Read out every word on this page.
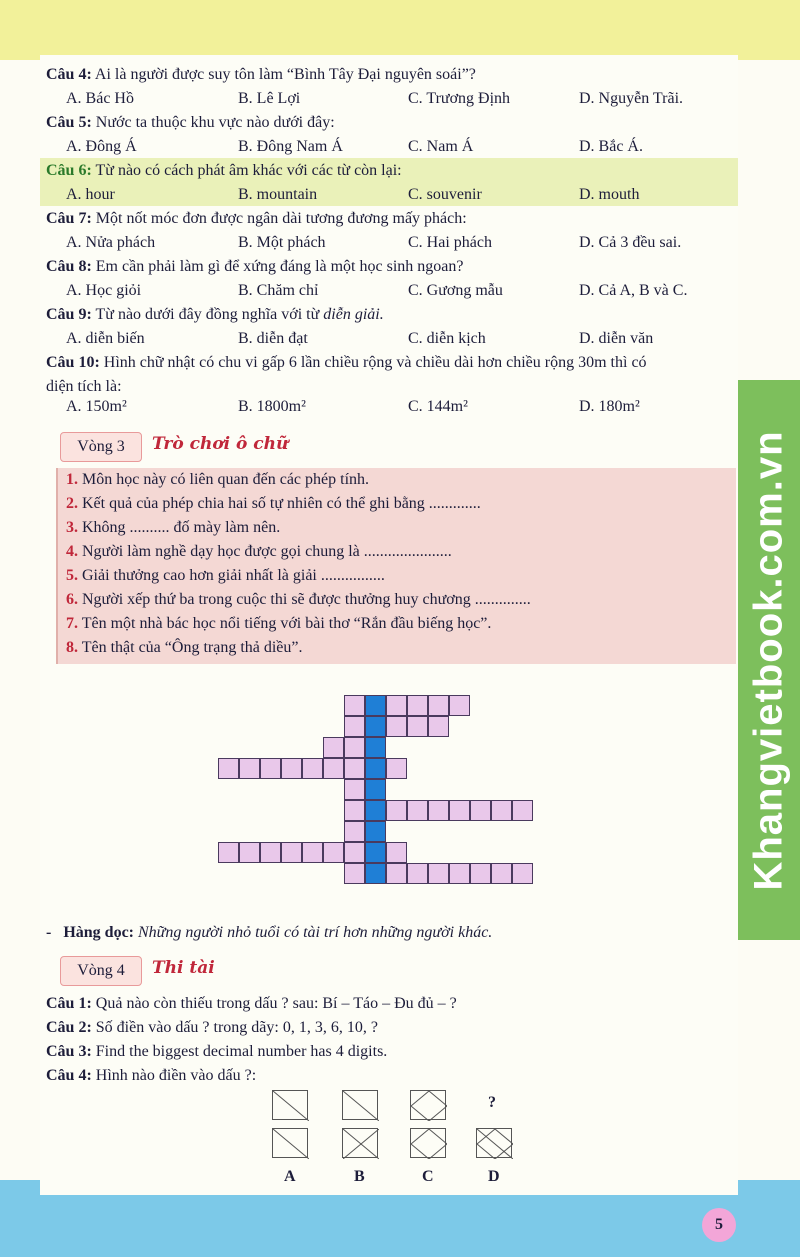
Khangvietbook.com.vn
Câu 4: Ai là người được suy tôn làm “Bình Tây Đại nguyên soái”?
A. Bác Hồ	B. Lê Lợi	C. Trương Định	D. Nguyễn Trãi.
Câu 5: Nước ta thuộc khu vực nào dưới đây:
A. Đông Á	B. Đông Nam Á	C. Nam Á	D. Bắc Á.
Câu 6: Từ nào có cách phát âm khác với các từ còn lại:
A. hour	B. mountain	C. souvenir	D. mouth
Câu 7: Một nốt móc đơn được ngân dài tương đương mấy phách:
A. Nửa phách	B. Một phách	C. Hai phách	D. Cả 3 đều sai.
Câu 8: Em cần phải làm gì để xứng đáng là một học sinh ngoan?
A. Học giỏi	B. Chăm chỉ	C. Gương mẫu	D. Cả A, B và C.
Câu 9: Từ nào dưới đây đồng nghĩa với từ diễn giải.
A. diễn biến	B. diễn đạt	C. diễn kịch	D. diễn văn
Câu 10: Hình chữ nhật có chu vi gấp 6 lần chiều rộng và chiều dài hơn chiều rộng 30m thì có
diện tích là:
A. 150m²	B. 1800m²	C. 144m²	D. 180m²
Vòng 3	Trò chơi ô chữ
1. Môn học này có liên quan đến các phép tính.
2. Kết quả của phép chia hai số tự nhiên có thể ghi bằng .............
3. Không .......... đố mày làm nên.
4. Người làm nghề dạy học được gọi chung là ......................
5. Giải thưởng cao hơn giải nhất là giải ................
6. Người xếp thứ ba trong cuộc thi sẽ được thưởng huy chương ..............
7. Tên một nhà bác học nổi tiếng với bài thơ “Rắn đầu biếng học”.
8. Tên thật của “Ông trạng thả diều”.
-   Hàng dọc: Những người nhỏ tuổi có tài trí hơn những người khác.
Vòng 4	Thi tài
Câu 1: Quả nào còn thiếu trong dấu ? sau: Bí – Táo – Đu đủ – ?
Câu 2: Số điền vào dấu ? trong dãy: 0, 1, 3, 6, 10, ?
Câu 3: Find the biggest decimal number has 4 digits.
Câu 4: Hình nào điền vào dấu ?:
?
A	B	C	D
5
